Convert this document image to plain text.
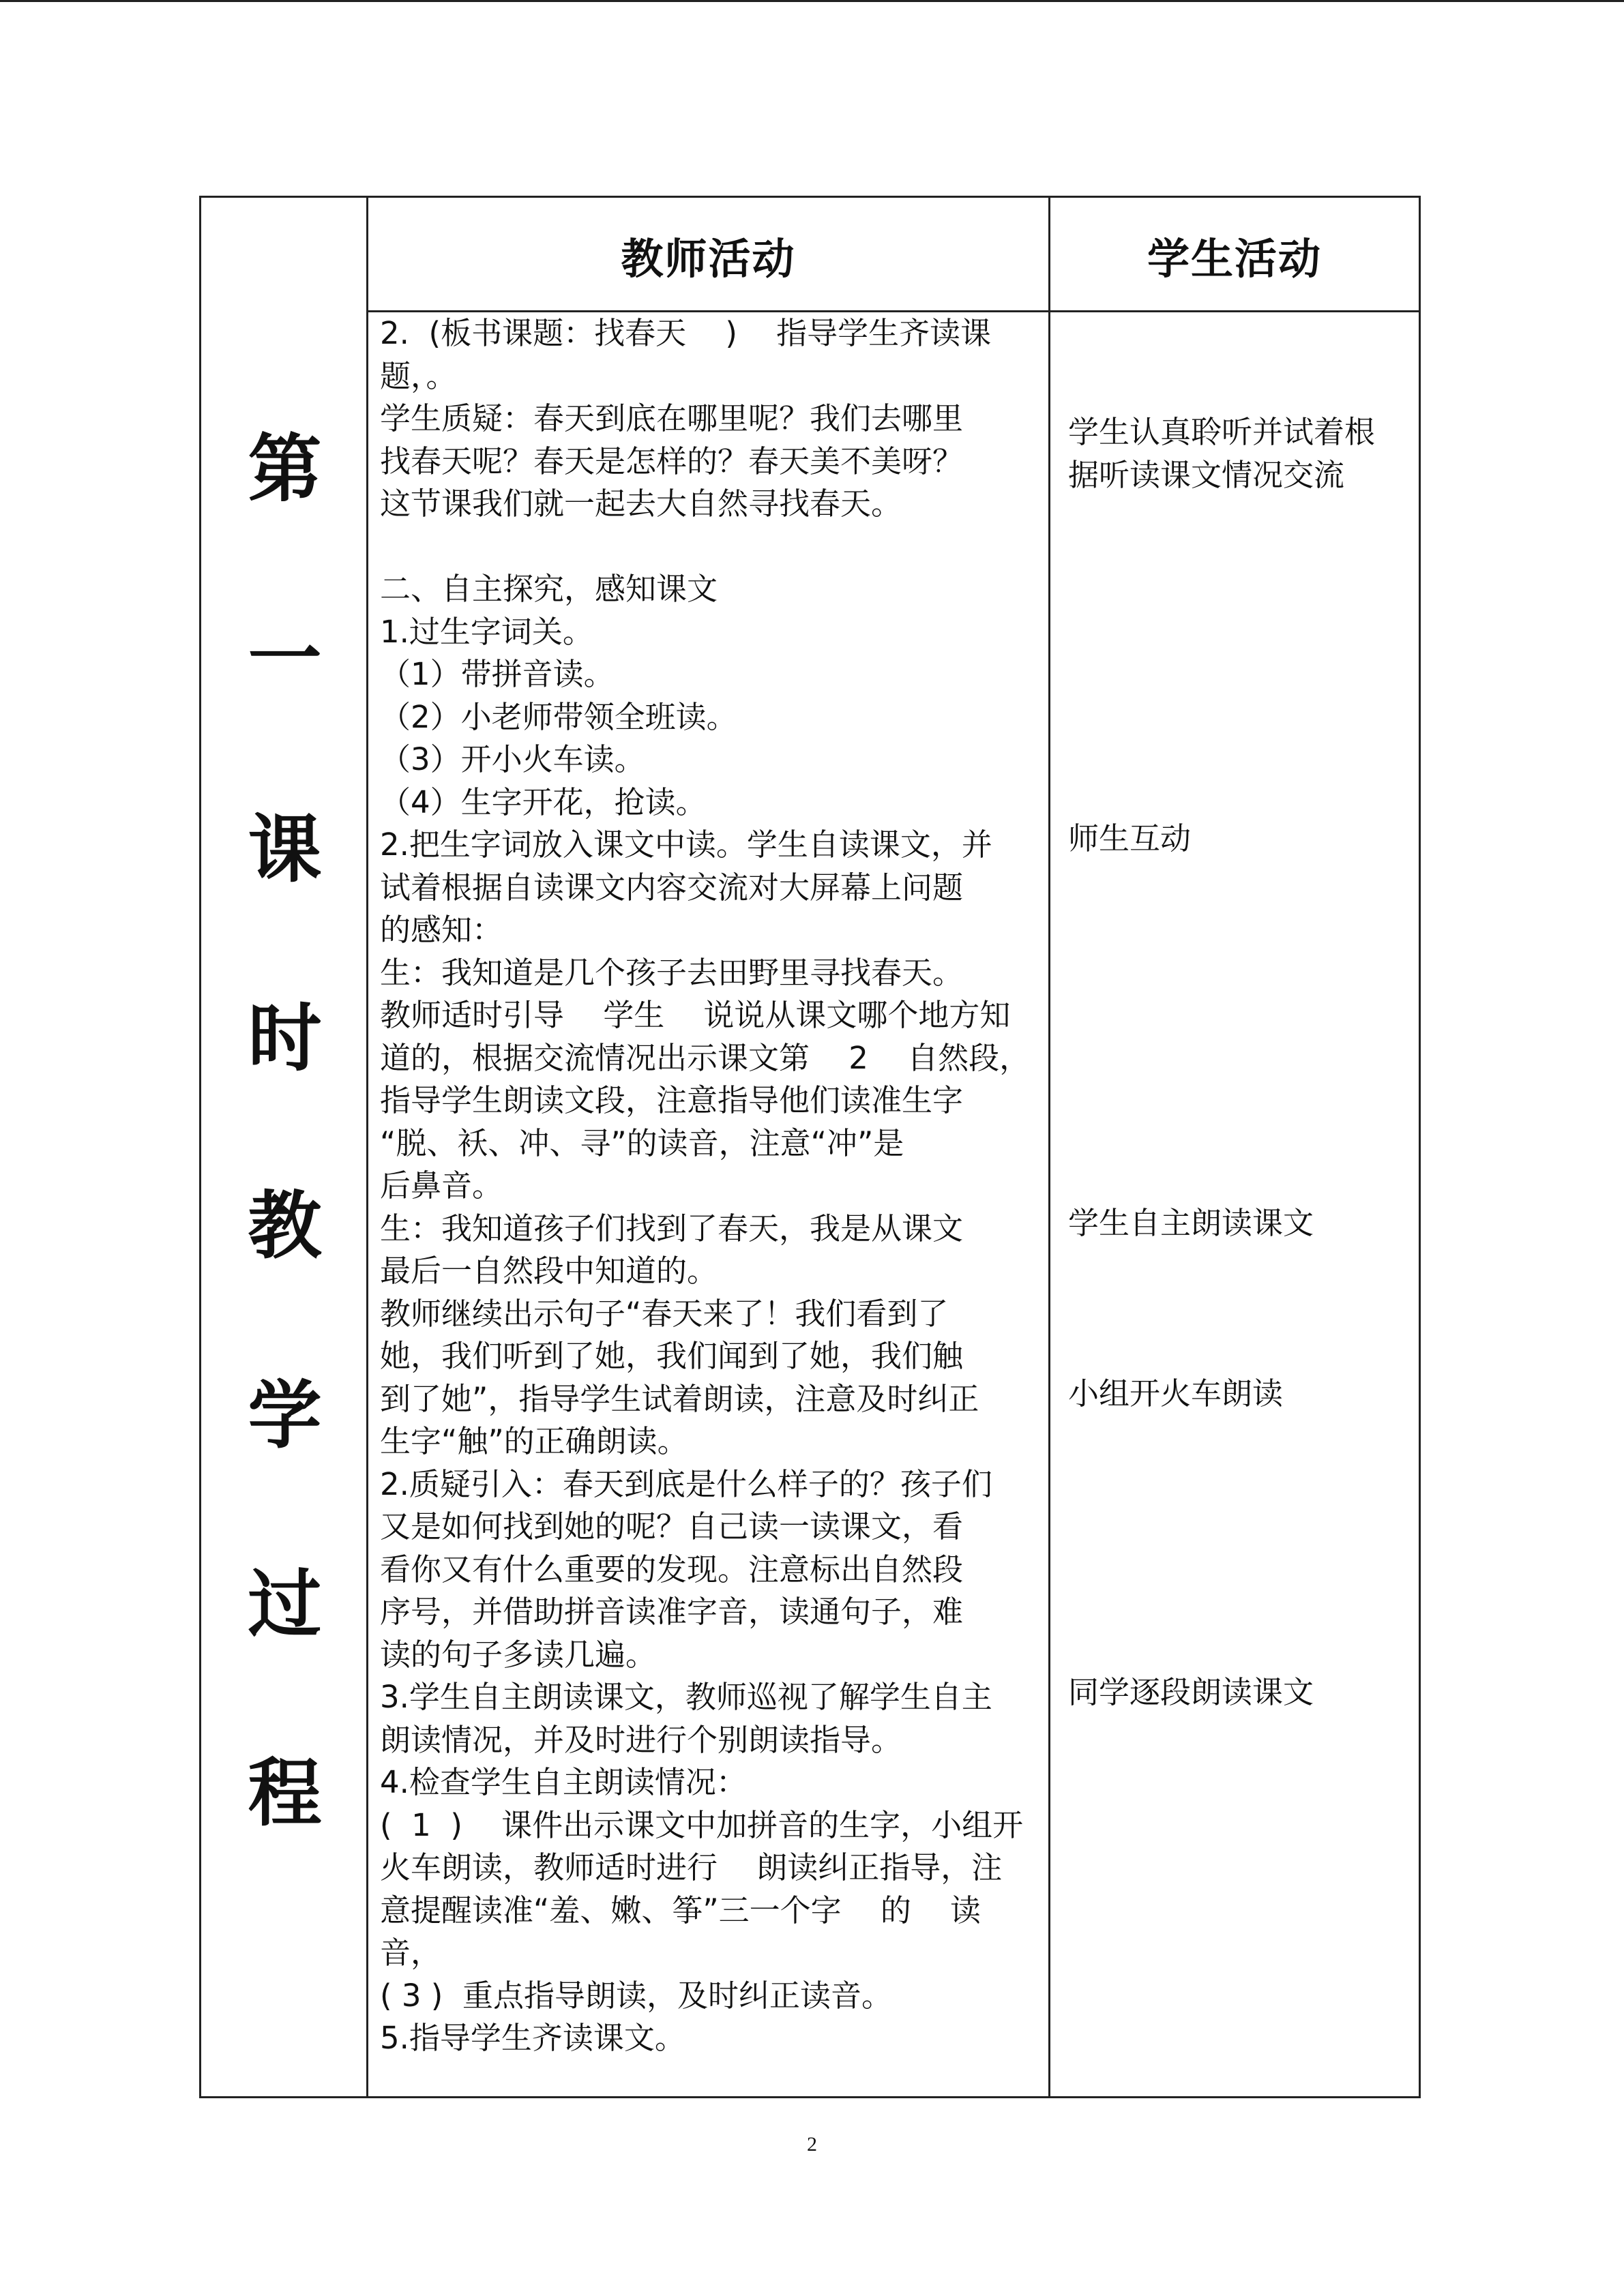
教师活动	学生活动
第
一
课
时
教
学
过
程
2.  (板书课题：找春天    )    指导学生齐读课
题，。
学生质疑：春天到底在哪里呢？我们去哪里
找春天呢？春天是怎样的？春天美不美呀？
这节课我们就一起去大自然寻找春天。
二、自主探究，感知课文
1.过生字词关。
（1）带拼音读。
（2）小老师带领全班读。
（3）开小火车读。
（4）生字开花，抢读。
2.把生字词放入课文中读。学生自读课文，并
试着根据自读课文内容交流对大屏幕上问题
的感知：
生：我知道是几个孩子去田野里寻找春天。
教师适时引导    学生    说说从课文哪个地方知
道的，根据交流情况出示课文第    2    自然段，
指导学生朗读文段，注意指导他们读准生字
“脱、袄、冲、寻”的读音，注意“冲”是
后鼻音。
生：我知道孩子们找到了春天，我是从课文
最后一自然段中知道的。
教师继续出示句子“春天来了！我们看到了
她，我们听到了她，我们闻到了她，我们触
到了她”，指导学生试着朗读，注意及时纠正
生字“触”的正确朗读。
2.质疑引入：春天到底是什么样子的？孩子们
又是如何找到她的呢？自己读一读课文，看
看你又有什么重要的发现。注意标出自然段
序号，并借助拼音读准字音，读通句子，难
读的句子多读几遍。
3.学生自主朗读课文，教师巡视了解学生自主
朗读情况，并及时进行个别朗读指导。
4.检查学生自主朗读情况：
(  1  )    课件出示课文中加拼音的生字，小组开
火车朗读，教师适时进行    朗读纠正指导，注
意提醒读准“羞、嫩、筝”三一个字    的    读
音，
( 3 )  重点指导朗读，及时纠正读音。
5.指导学生齐读课文。
学生认真聆听并试着根
据听读课文情况交流
师生互动
学生自主朗读课文
小组开火车朗读
同学逐段朗读课文
2
